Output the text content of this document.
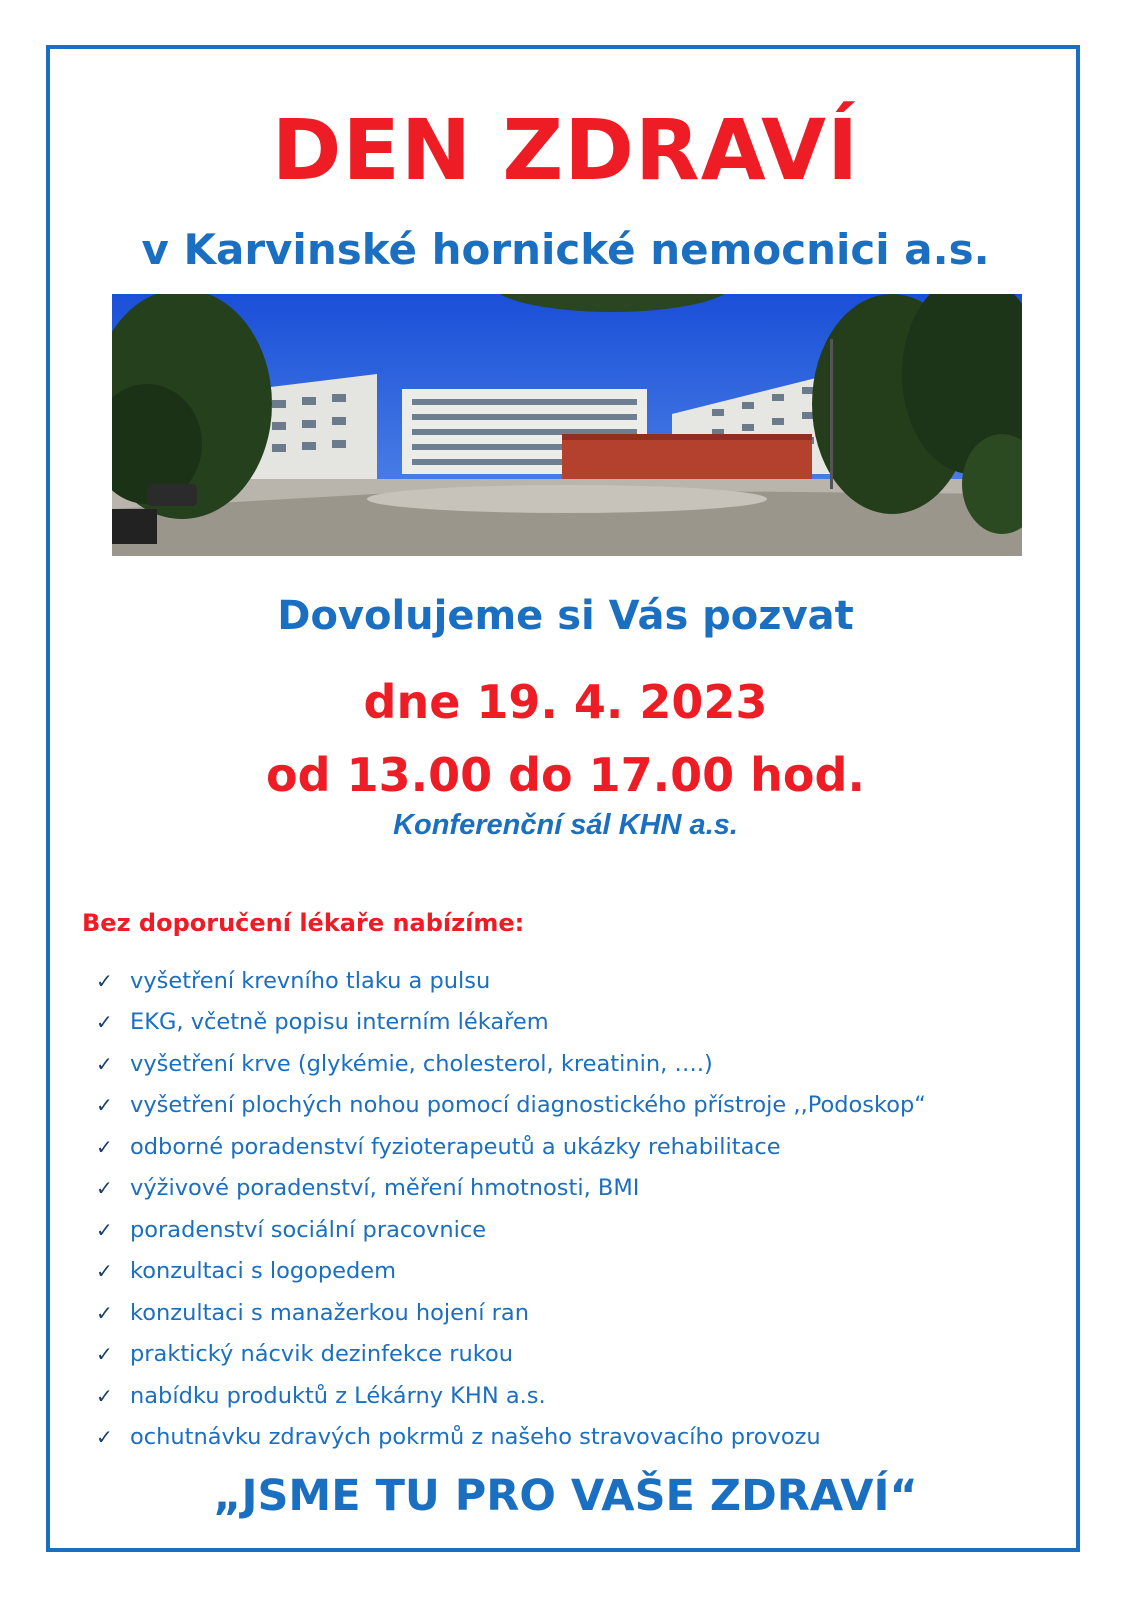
DEN ZDRAVÍ
v Karvinské hornické nemocnici a.s.
Dovolujeme si Vás pozvat
dne 19. 4. 2023
od 13.00 do 17.00 hod.
Konferenční sál KHN a.s.
Bez doporučení lékaře nabízíme:
✓ vyšetření krevního tlaku a pulsu
✓ EKG, včetně popisu interním lékařem
✓ vyšetření krve (glykémie, cholesterol, kreatinin, ….)
✓ vyšetření plochých nohou pomocí diagnostického přístroje ,,Podoskop“
✓ odborné poradenství fyzioterapeutů a ukázky rehabilitace
✓ výživové poradenství, měření hmotnosti, BMI
✓ poradenství sociální pracovnice
✓ konzultaci s logopedem
✓ konzultaci s manažerkou hojení ran
✓ praktický nácvik dezinfekce rukou
✓ nabídku produktů z Lékárny KHN a.s.
✓ ochutnávku zdravých pokrmů z našeho stravovacího provozu
„JSME TU PRO VAŠE ZDRAVÍ“
